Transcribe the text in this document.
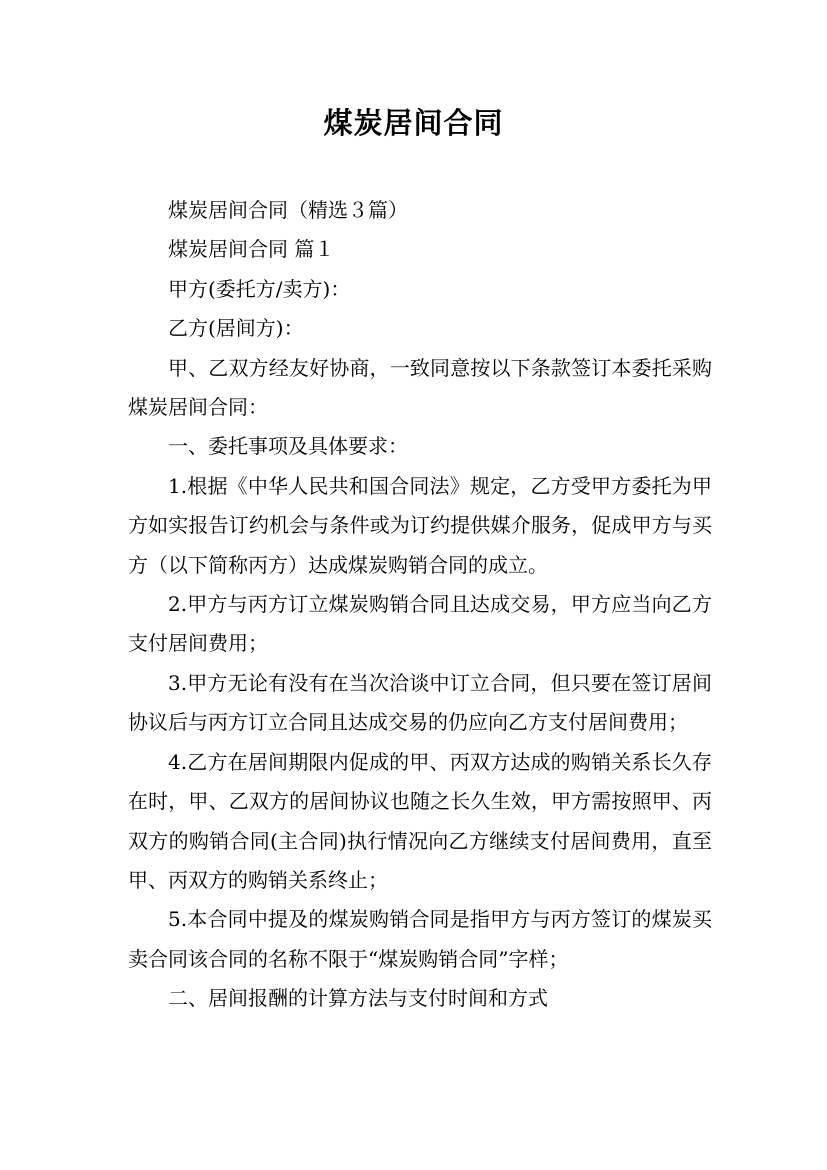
煤炭居间合同

煤炭居间合同（精选３篇）

煤炭居间合同 篇１

甲方(委托方/卖方)：

乙方(居间方)：

甲、乙双方经友好协商，一致同意按以下条款签订本委托采购煤炭居间合同：

一、委托事项及具体要求：

1.根据《中华人民共和国合同法》规定，乙方受甲方委托为甲方如实报告订约机会与条件或为订约提供媒介服务，促成甲方与买方（以下简称丙方）达成煤炭购销合同的成立。

2.甲方与丙方订立煤炭购销合同且达成交易，甲方应当向乙方支付居间费用；

3.甲方无论有没有在当次洽谈中订立合同，但只要在签订居间协议后与丙方订立合同且达成交易的仍应向乙方支付居间费用；

4.乙方在居间期限内促成的甲、丙双方达成的购销关系长久存在时，甲、乙双方的居间协议也随之长久生效，甲方需按照甲、丙双方的购销合同(主合同)执行情况向乙方继续支付居间费用，直至甲、丙双方的购销关系终止；

5.本合同中提及的煤炭购销合同是指甲方与丙方签订的煤炭买卖合同该合同的名称不限于“煤炭购销合同”字样；

二、居间报酬的计算方法与支付时间和方式
